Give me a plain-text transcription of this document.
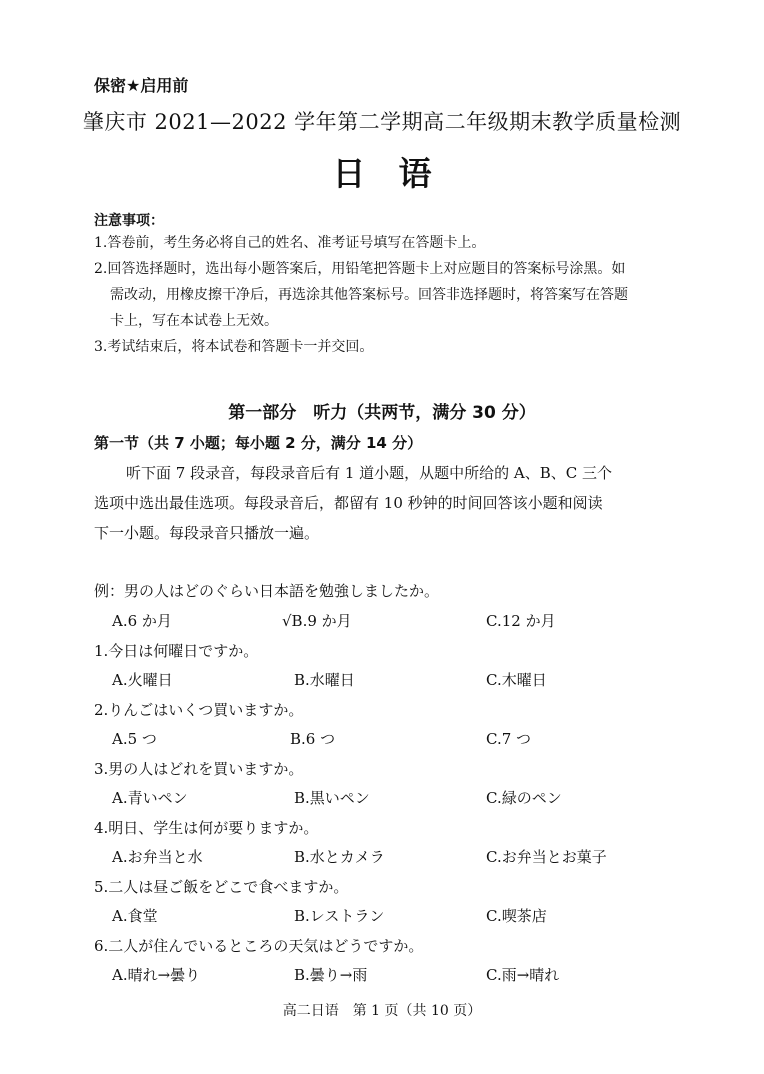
保密★启用前
肇庆市 2021—2022 学年第二学期高二年级期末教学质量检测
日　语
注意事项：
1.答卷前，考生务必将自己的姓名、准考证号填写在答题卡上。
2.回答选择题时，选出每小题答案后，用铅笔把答题卡上对应题目的答案标号涂黑。如
需改动，用橡皮擦干净后，再选涂其他答案标号。回答非选择题时，将答案写在答题
卡上，写在本试卷上无效。
3.考试结束后，将本试卷和答题卡一并交回。
第一部分　听力（共两节，满分 30 分）
第一节（共 7 小题；每小题 2 分，满分 14 分）
听下面 7 段录音，每段录音后有 1 道小题，从题中所给的 A、B、C 三个
选项中选出最佳选项。每段录音后，都留有 10 秒钟的时间回答该小题和阅读
下一小题。每段录音只播放一遍。
例：男の人はどのぐらい日本語を勉強しましたか。
A.6 か月	√B.9 か月	C.12 か月
1.今日は何曜日ですか。
A.火曜日	B.水曜日	C.木曜日
2.りんごはいくつ買いますか。
A.5 つ	B.6 つ	C.7 つ
3.男の人はどれを買いますか。
A.青いペン	B.黒いペン	C.緑のペン
4.明日、学生は何が要りますか。
A.お弁当と水	B.水とカメラ	C.お弁当とお菓子
5.二人は昼ご飯をどこで食べますか。
A.食堂	B.レストラン	C.喫茶店
6.二人が住んでいるところの天気はどうですか。
A.晴れ→曇り	B.曇り→雨	C.雨→晴れ
高二日语　第 1 页（共 10 页）
